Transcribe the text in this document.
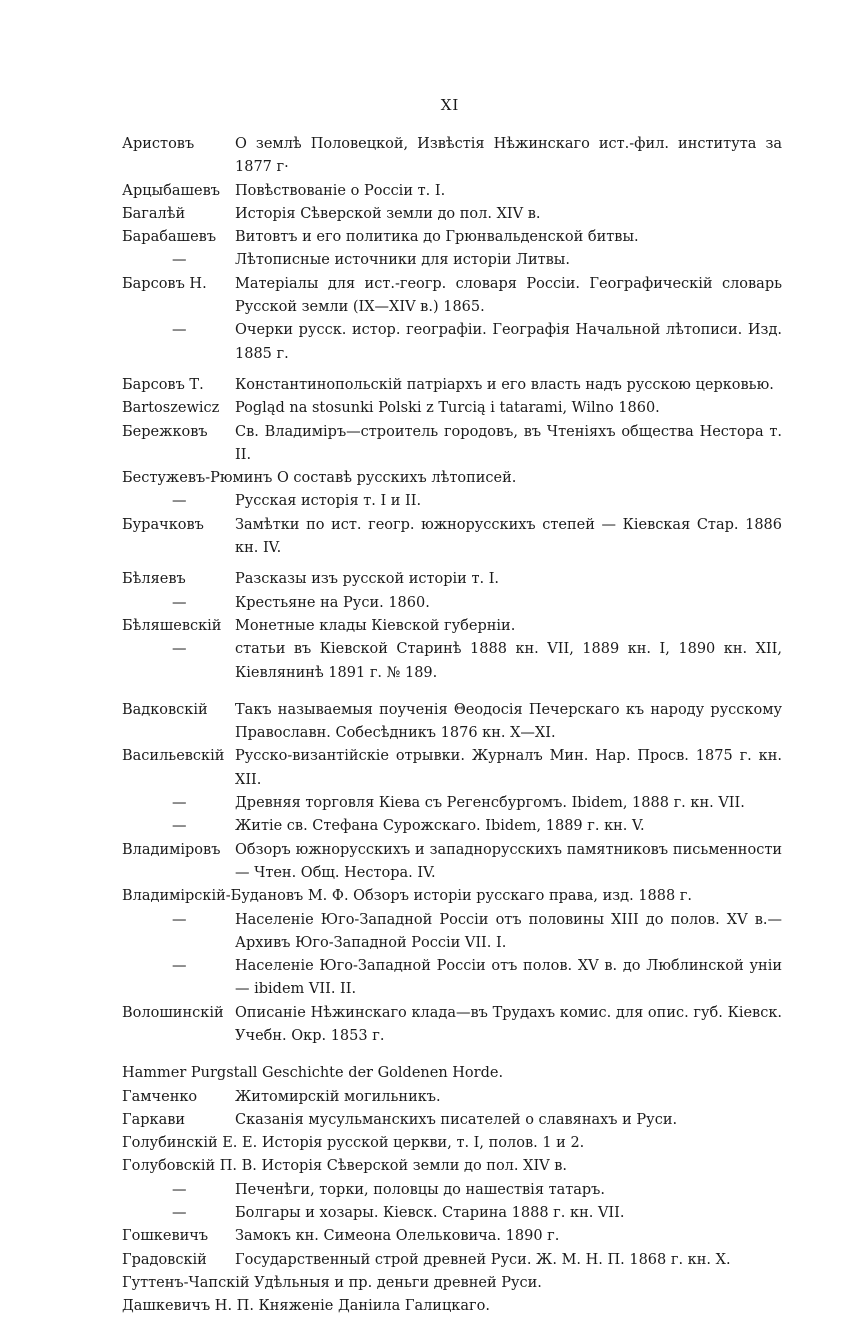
XI
Аристовъ	О землѣ Половецкой, Извѣстія Нѣжинскаго ист.-фил. института за 1877 г·
Арцыбашевъ	Повѣствованіе о Россіи т. I.
Багалѣй	Исторія Сѣверской земли до пол. XIV в.
Барабашевъ	Витовтъ и его политика до Грюнвальденской битвы.
—	Лѣтописные источники для исторіи Литвы.
Барсовъ Н.	Матеріалы для ист.-геогр. словаря Россіи. Географическій словарь Русской земли (IX—XIV в.) 1865.
—	Очерки русск. истор. географіи. Географія Начальной лѣтописи. Изд. 1885 г.
Барсовъ Т.	Константинопольскій патріархъ и его власть надъ русскою церковью.
Bartoszewicz	Pogląd na stosunki Polski z Turcią i tatarami, Wilno 1860.
Бережковъ	Св. Владиміръ—строитель городовъ, въ Чтеніяхъ общества Нестора т. II.
Бестужевъ-Рюминъ О составѣ русскихъ лѣтописей.
—	Русская исторія т. I и II.
Бурачковъ	Замѣтки по ист. геогр. южнорусскихъ степей — Кіевская Стар. 1886 кн. IV.
Бѣляевъ	Разсказы изъ русской исторіи т. I.
—	Крестьяне на Руси. 1860.
Бѣляшевскій Монетные клады Кіевской губерніи.
—	статьи въ Кіевской Старинѣ 1888 кн. VII, 1889 кн. I, 1890 кн. XII, Кіевлянинѣ 1891 г. № 189.
Вадковскій	Такъ называемыя поученія Θеодосія Печерскаго къ народу русскому Православн. Собесѣдникъ 1876 кн. X—XI.
Васильевскій Русско-византійскіе отрывки. Журналъ Мин. Нар. Просв. 1875 г. кн. XII.
—	Древняя торговля Кіева съ Регенсбургомъ. Ibidem, 1888 г. кн. VII.
—	Житіе св. Стефана Сурожскаго. Ibidem, 1889 г. кн. V.
Владиміровъ	Обзоръ южнорусскихъ и западнорусскихъ памятниковъ письменности — Чтен. Общ. Нестора. IV.
Владимірскій-Будановъ М. Ф. Обзоръ исторіи русскаго права, изд. 1888 г.
—	Населеніе Юго-Западной Россіи отъ половины XIII до полов. XV в.— Архивъ Юго-Западной Россіи VII. I.
—	Населеніе Юго-Западной Россіи отъ полов. XV в. до Люблинской уніи— ibidem VII. II.
Волошинскій Описаніе Нѣжинскаго клада—въ Трудахъ комис. для опис. губ. Кіевск. Учебн. Окр. 1853 г.
Hammer Purgstall Geschichte der Goldenen Horde.
Гамченко	Житомирскій могильникъ.
Гаркави	Сказанія мусульманскихъ писателей о славянахъ и Руси.
Голубинскій Е. Е. Исторія русской церкви, т. I, полов. 1 и 2.
Голубовскій П. В. Исторія Сѣверской земли до пол. XIV в.
—	Печенѣги, торки, половцы до нашествія татаръ.
—	Болгары и хозары. Кіевск. Старина 1888 г. кн. VII.
Гошкевичъ	Замокъ кн. Симеона Олельковича. 1890 г.
Градовскій	Государственный строй древней Руси. Ж. М. Н. П. 1868 г. кн. X.
Гуттенъ-Чапскій Удѣльныя и пр. деньги древней Руси.
Дашкевичъ Н. П. Княженіе Даніила Галицкаго.
